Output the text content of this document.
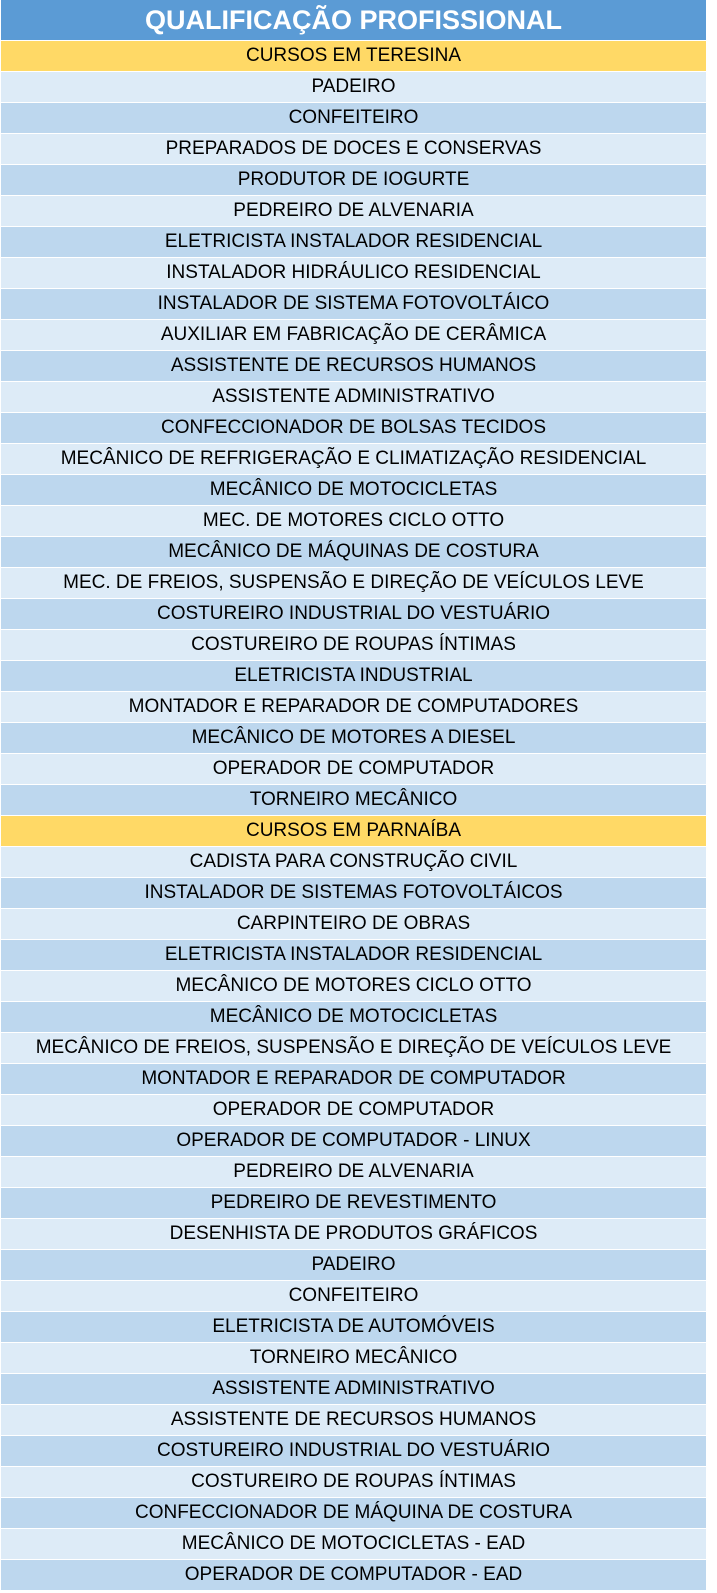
QUALIFICAÇÃO PROFISSIONAL
CURSOS EM TERESINA
PADEIRO
CONFEITEIRO
PREPARADOS DE DOCES E CONSERVAS
PRODUTOR DE IOGURTE
PEDREIRO DE ALVENARIA
ELETRICISTA INSTALADOR RESIDENCIAL
INSTALADOR HIDRÁULICO RESIDENCIAL
INSTALADOR DE SISTEMA FOTOVOLTÁICO
AUXILIAR EM FABRICAÇÃO DE CERÂMICA
ASSISTENTE DE RECURSOS HUMANOS
ASSISTENTE ADMINISTRATIVO
CONFECCIONADOR DE BOLSAS TECIDOS
MECÂNICO DE REFRIGERAÇÃO E CLIMATIZAÇÃO RESIDENCIAL
MECÂNICO DE MOTOCICLETAS
MEC. DE MOTORES CICLO OTTO
MECÂNICO DE MÁQUINAS DE COSTURA
MEC. DE FREIOS, SUSPENSÃO E DIREÇÃO DE VEÍCULOS LEVE
COSTUREIRO INDUSTRIAL DO VESTUÁRIO
COSTUREIRO DE ROUPAS ÍNTIMAS
ELETRICISTA INDUSTRIAL
MONTADOR E REPARADOR DE COMPUTADORES
MECÂNICO DE MOTORES A DIESEL
OPERADOR DE COMPUTADOR
TORNEIRO MECÂNICO
CURSOS EM PARNAÍBA
CADISTA PARA CONSTRUÇÃO CIVIL
INSTALADOR DE SISTEMAS FOTOVOLTÁICOS
CARPINTEIRO DE OBRAS
ELETRICISTA INSTALADOR RESIDENCIAL
MECÂNICO DE MOTORES CICLO OTTO
MECÂNICO DE MOTOCICLETAS
MECÂNICO DE FREIOS, SUSPENSÃO E DIREÇÃO DE VEÍCULOS LEVE
MONTADOR E REPARADOR DE COMPUTADOR
OPERADOR DE COMPUTADOR
OPERADOR DE COMPUTADOR - LINUX
PEDREIRO DE ALVENARIA
PEDREIRO DE REVESTIMENTO
DESENHISTA DE PRODUTOS GRÁFICOS
PADEIRO
CONFEITEIRO
ELETRICISTA DE AUTOMÓVEIS
TORNEIRO MECÂNICO
ASSISTENTE ADMINISTRATIVO
ASSISTENTE DE RECURSOS HUMANOS
COSTUREIRO INDUSTRIAL DO VESTUÁRIO
COSTUREIRO DE ROUPAS ÍNTIMAS
CONFECCIONADOR DE MÁQUINA DE COSTURA
MECÂNICO DE MOTOCICLETAS - EAD
OPERADOR DE COMPUTADOR - EAD
